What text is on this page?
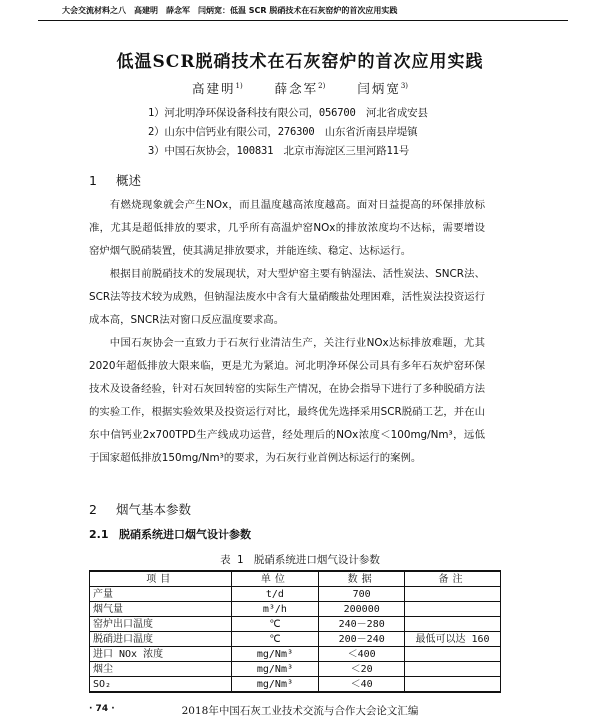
大会交流材料之八　高建明　薛念军　闫炳宽：低温 SCR 脱硝技术在石灰窑炉的首次应用实践
低温SCR脱硝技术在石灰窑炉的首次应用实践
高建明$^{1)}$	薛念军$^{2)}$	闫炳宽$^{3)}$
1）河北明净环保设备科技有限公司，056700　河北省成安县
2）山东中信钙业有限公司，276300　山东省沂南县岸堤镇
3）中国石灰协会，100831　北京市海淀区三里河路11号
1 概述
有燃烧现象就会产生NOx，而且温度越高浓度越高。面对日益提高的环保排放标准，尤其是超低排放的要求，几乎所有高温炉窑NOx的排放浓度均不达标，需要增设窑炉烟气脱硝装置，使其满足排放要求，并能连续、稳定、达标运行。
根据目前脱硝技术的发展现状，对大型炉窑主要有钠湿法、活性炭法、SNCR法、SCR法等技术较为成熟，但钠湿法废水中含有大量硝酸盐处理困难，活性炭法投资运行成本高，SNCR法对窗口反应温度要求高。
中国石灰协会一直致力于石灰行业清洁生产，关注行业NOx达标排放难题，尤其2020年超低排放大限来临，更是尤为紧迫。河北明净环保公司具有多年石灰炉窑环保技术及设备经验，针对石灰回转窑的实际生产情况，在协会指导下进行了多种脱硝方法的实验工作，根据实验效果及投资运行对比，最终优先选择采用SCR脱硝工艺，并在山东中信钙业2x700TPD生产线成功运营，经处理后的NOx浓度＜100mg/Nm³，远低于国家超低排放150mg/Nm³的要求，为石灰行业首例达标运行的案例。
2 烟气基本参数
2.1 脱硝系统进口烟气设计参数
表 1　脱硝系统进口烟气设计参数
项目	单位	数据	备注
产量	t/d	700	
烟气量	m³/h	200000	
窑炉出口温度	℃	240－280	
脱硝进口温度	℃	200－240	最低可以达 160
进口 NOx 浓度	mg/Nm³	＜400	
烟尘	mg/Nm³	＜20	
SO₂	mg/Nm³	＜40	
· 74 ·	2018年中国石灰工业技术交流与合作大会论文汇编
